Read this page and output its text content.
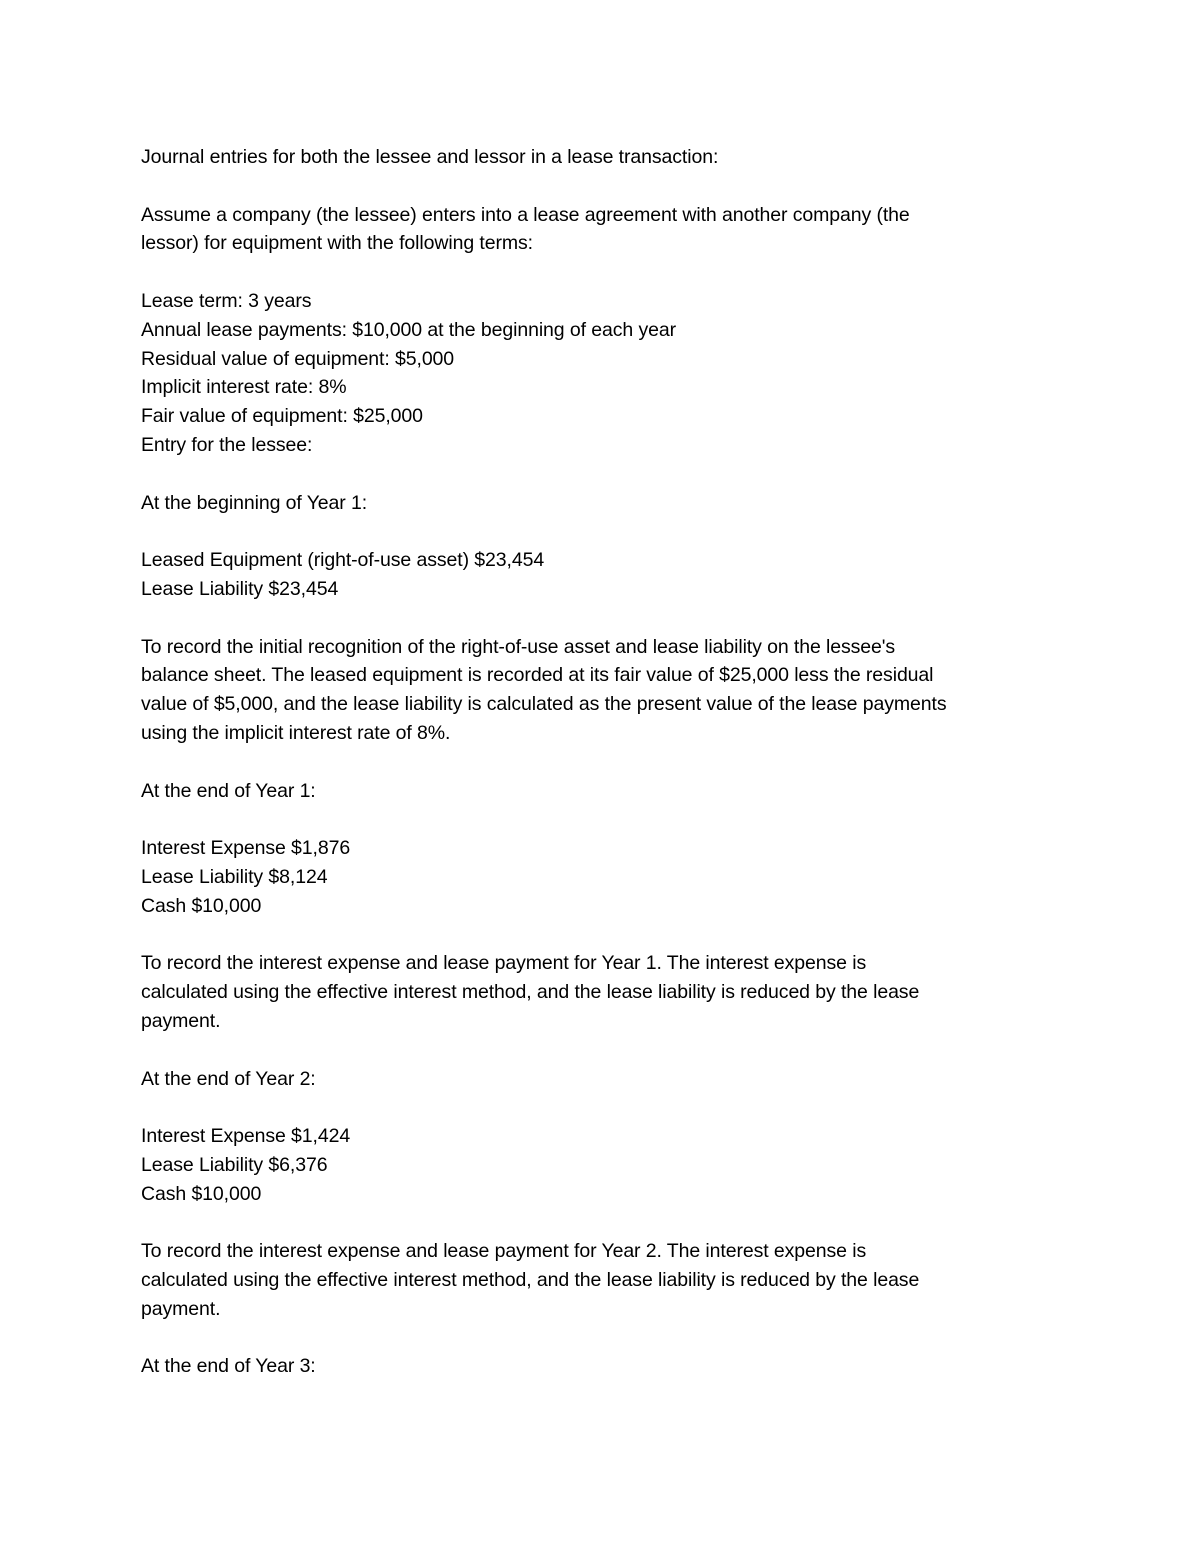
Journal entries for both the lessee and lessor in a lease transaction:
Assume a company (the lessee) enters into a lease agreement with another company (the
lessor) for equipment with the following terms:
Lease term: 3 years
Annual lease payments: $10,000 at the beginning of each year
Residual value of equipment: $5,000
Implicit interest rate: 8%
Fair value of equipment: $25,000
Entry for the lessee:
At the beginning of Year 1:
Leased Equipment (right-of-use asset) $23,454
Lease Liability $23,454
To record the initial recognition of the right-of-use asset and lease liability on the lessee's
balance sheet. The leased equipment is recorded at its fair value of $25,000 less the residual
value of $5,000, and the lease liability is calculated as the present value of the lease payments
using the implicit interest rate of 8%.
At the end of Year 1:
Interest Expense $1,876
Lease Liability $8,124
Cash $10,000
To record the interest expense and lease payment for Year 1. The interest expense is
calculated using the effective interest method, and the lease liability is reduced by the lease
payment.
At the end of Year 2:
Interest Expense $1,424
Lease Liability $6,376
Cash $10,000
To record the interest expense and lease payment for Year 2. The interest expense is
calculated using the effective interest method, and the lease liability is reduced by the lease
payment.
At the end of Year 3:
